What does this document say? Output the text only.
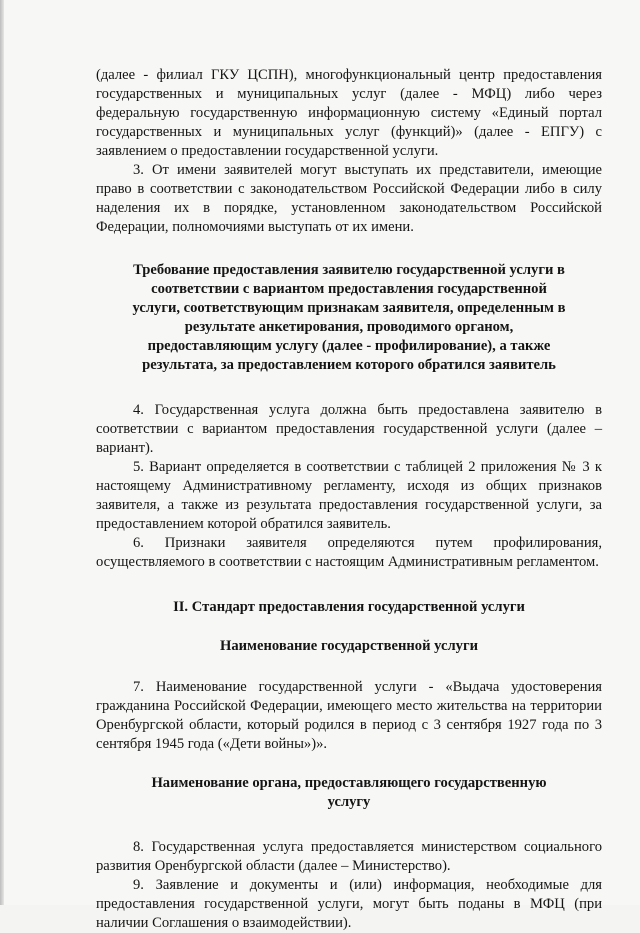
(далее - филиал ГКУ ЦСПН), многофункциональный центр предоставления государственных и муниципальных услуг (далее - МФЦ) либо через федеральную государственную информационную систему «Единый портал государственных и муниципальных услуг (функций)» (далее - ЕПГУ) с заявлением о предоставлении государственной услуги.

3. От имени заявителей могут выступать их представители, имеющие право в соответствии с законодательством Российской Федерации либо в силу наделения их в порядке, установленном законодательством Российской Федерации, полномочиями выступать от их имени.

Требование предоставления заявителю государственной услуги в соответствии с вариантом предоставления государственной услуги, соответствующим признакам заявителя, определенным в результате анкетирования, проводимого органом, предоставляющим услугу (далее - профилирование), а также результата, за предоставлением которого обратился заявитель

4. Государственная услуга должна быть предоставлена заявителю в соответствии с вариантом предоставления государственной услуги (далее – вариант).

5. Вариант определяется в соответствии с таблицей 2 приложения № 3 к настоящему Административному регламенту, исходя из общих признаков заявителя, а также из результата предоставления государственной услуги, за предоставлением которой обратился заявитель.

6. Признаки заявителя определяются путем профилирования, осуществляемого в соответствии с настоящим Административным регламентом.

II. Стандарт предоставления государственной услуги

Наименование государственной услуги

7. Наименование государственной услуги - «Выдача удостоверения гражданина Российской Федерации, имеющего место жительства на территории Оренбургской области, который родился в период с 3 сентября 1927 года по 3 сентября 1945 года («Дети войны»)».

Наименование органа, предоставляющего государственную услугу

8. Государственная услуга предоставляется министерством социального развития Оренбургской области (далее – Министерство).

9. Заявление и документы и (или) информация, необходимые для предоставления государственной услуги, могут быть поданы в МФЦ (при наличии Соглашения о взаимодействии).
